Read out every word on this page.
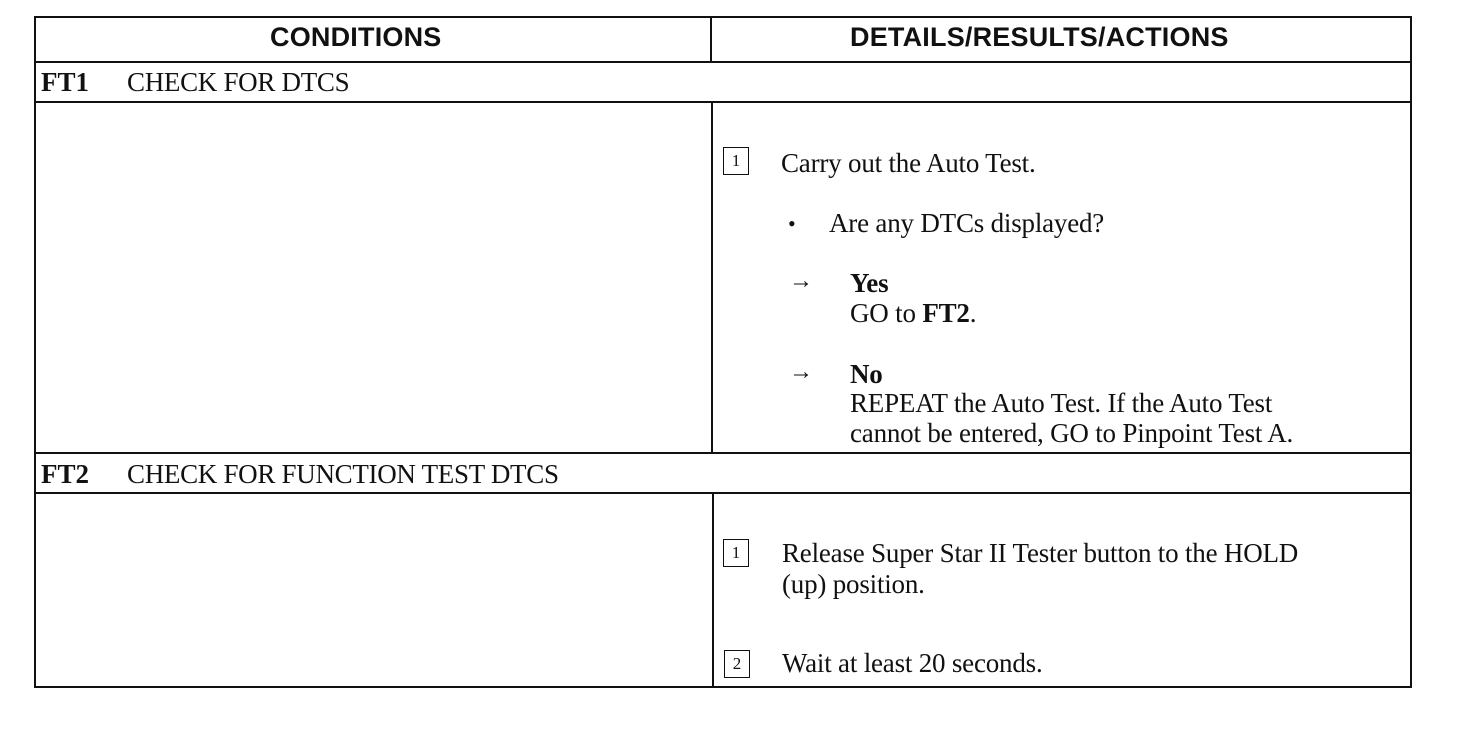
CONDITIONS	DETAILS/RESULTS/ACTIONS
FT1 CHECK FOR DTCS
1	Carry out the Auto Test.
• Are any DTCs displayed?
→ Yes
GO to FT2.
→ No
REPEAT the Auto Test. If the Auto Test
cannot be entered, GO to Pinpoint Test A.
FT2 CHECK FOR FUNCTION TEST DTCS
1	Release Super Star II Tester button to the HOLD
(up) position.
2	Wait at least 20 seconds.
